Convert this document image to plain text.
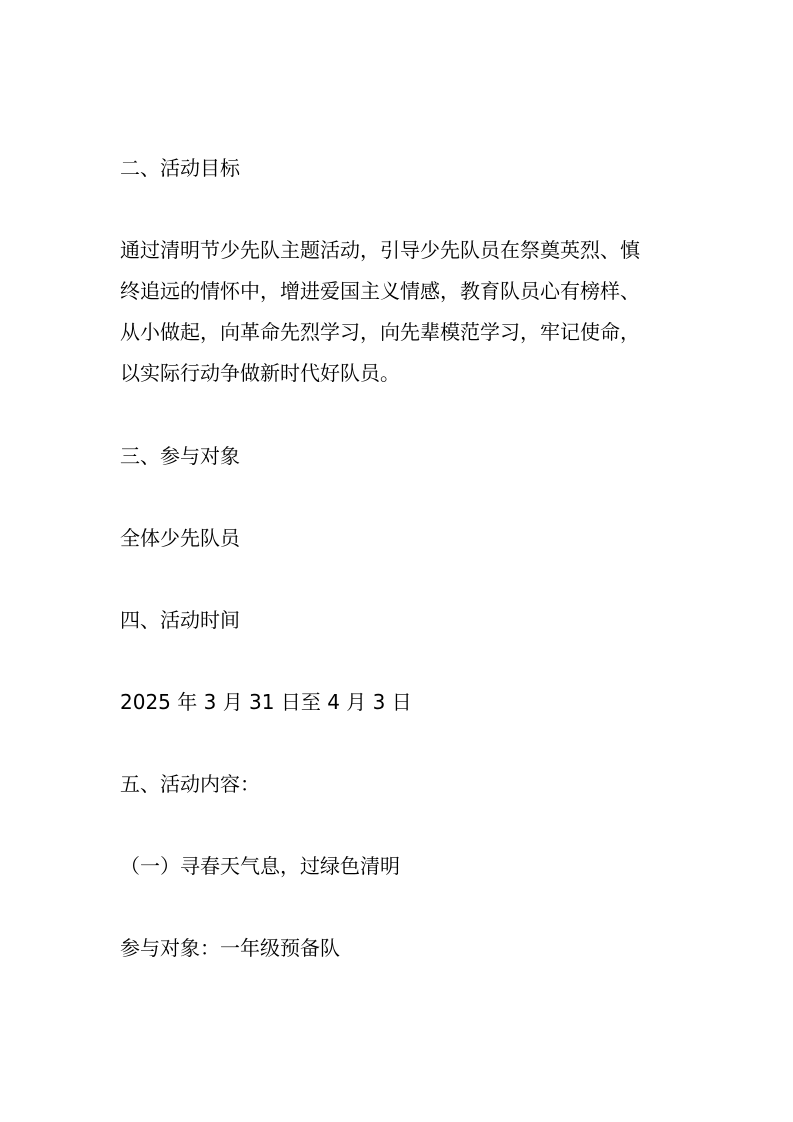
二、活动目标

通过清明节少先队主题活动，引导少先队员在祭奠英烈、慎

终追远的情怀中，增进爱国主义情感，教育队员心有榜样、

从小做起，向革命先烈学习，向先辈模范学习，牢记使命，

以实际行动争做新时代好队员。

三、参与对象

全体少先队员

四、活动时间

2025 年 3 月 31 日至 4 月 3 日

五、活动内容：

（一）寻春天气息，过绿色清明

参与对象：一年级预备队
